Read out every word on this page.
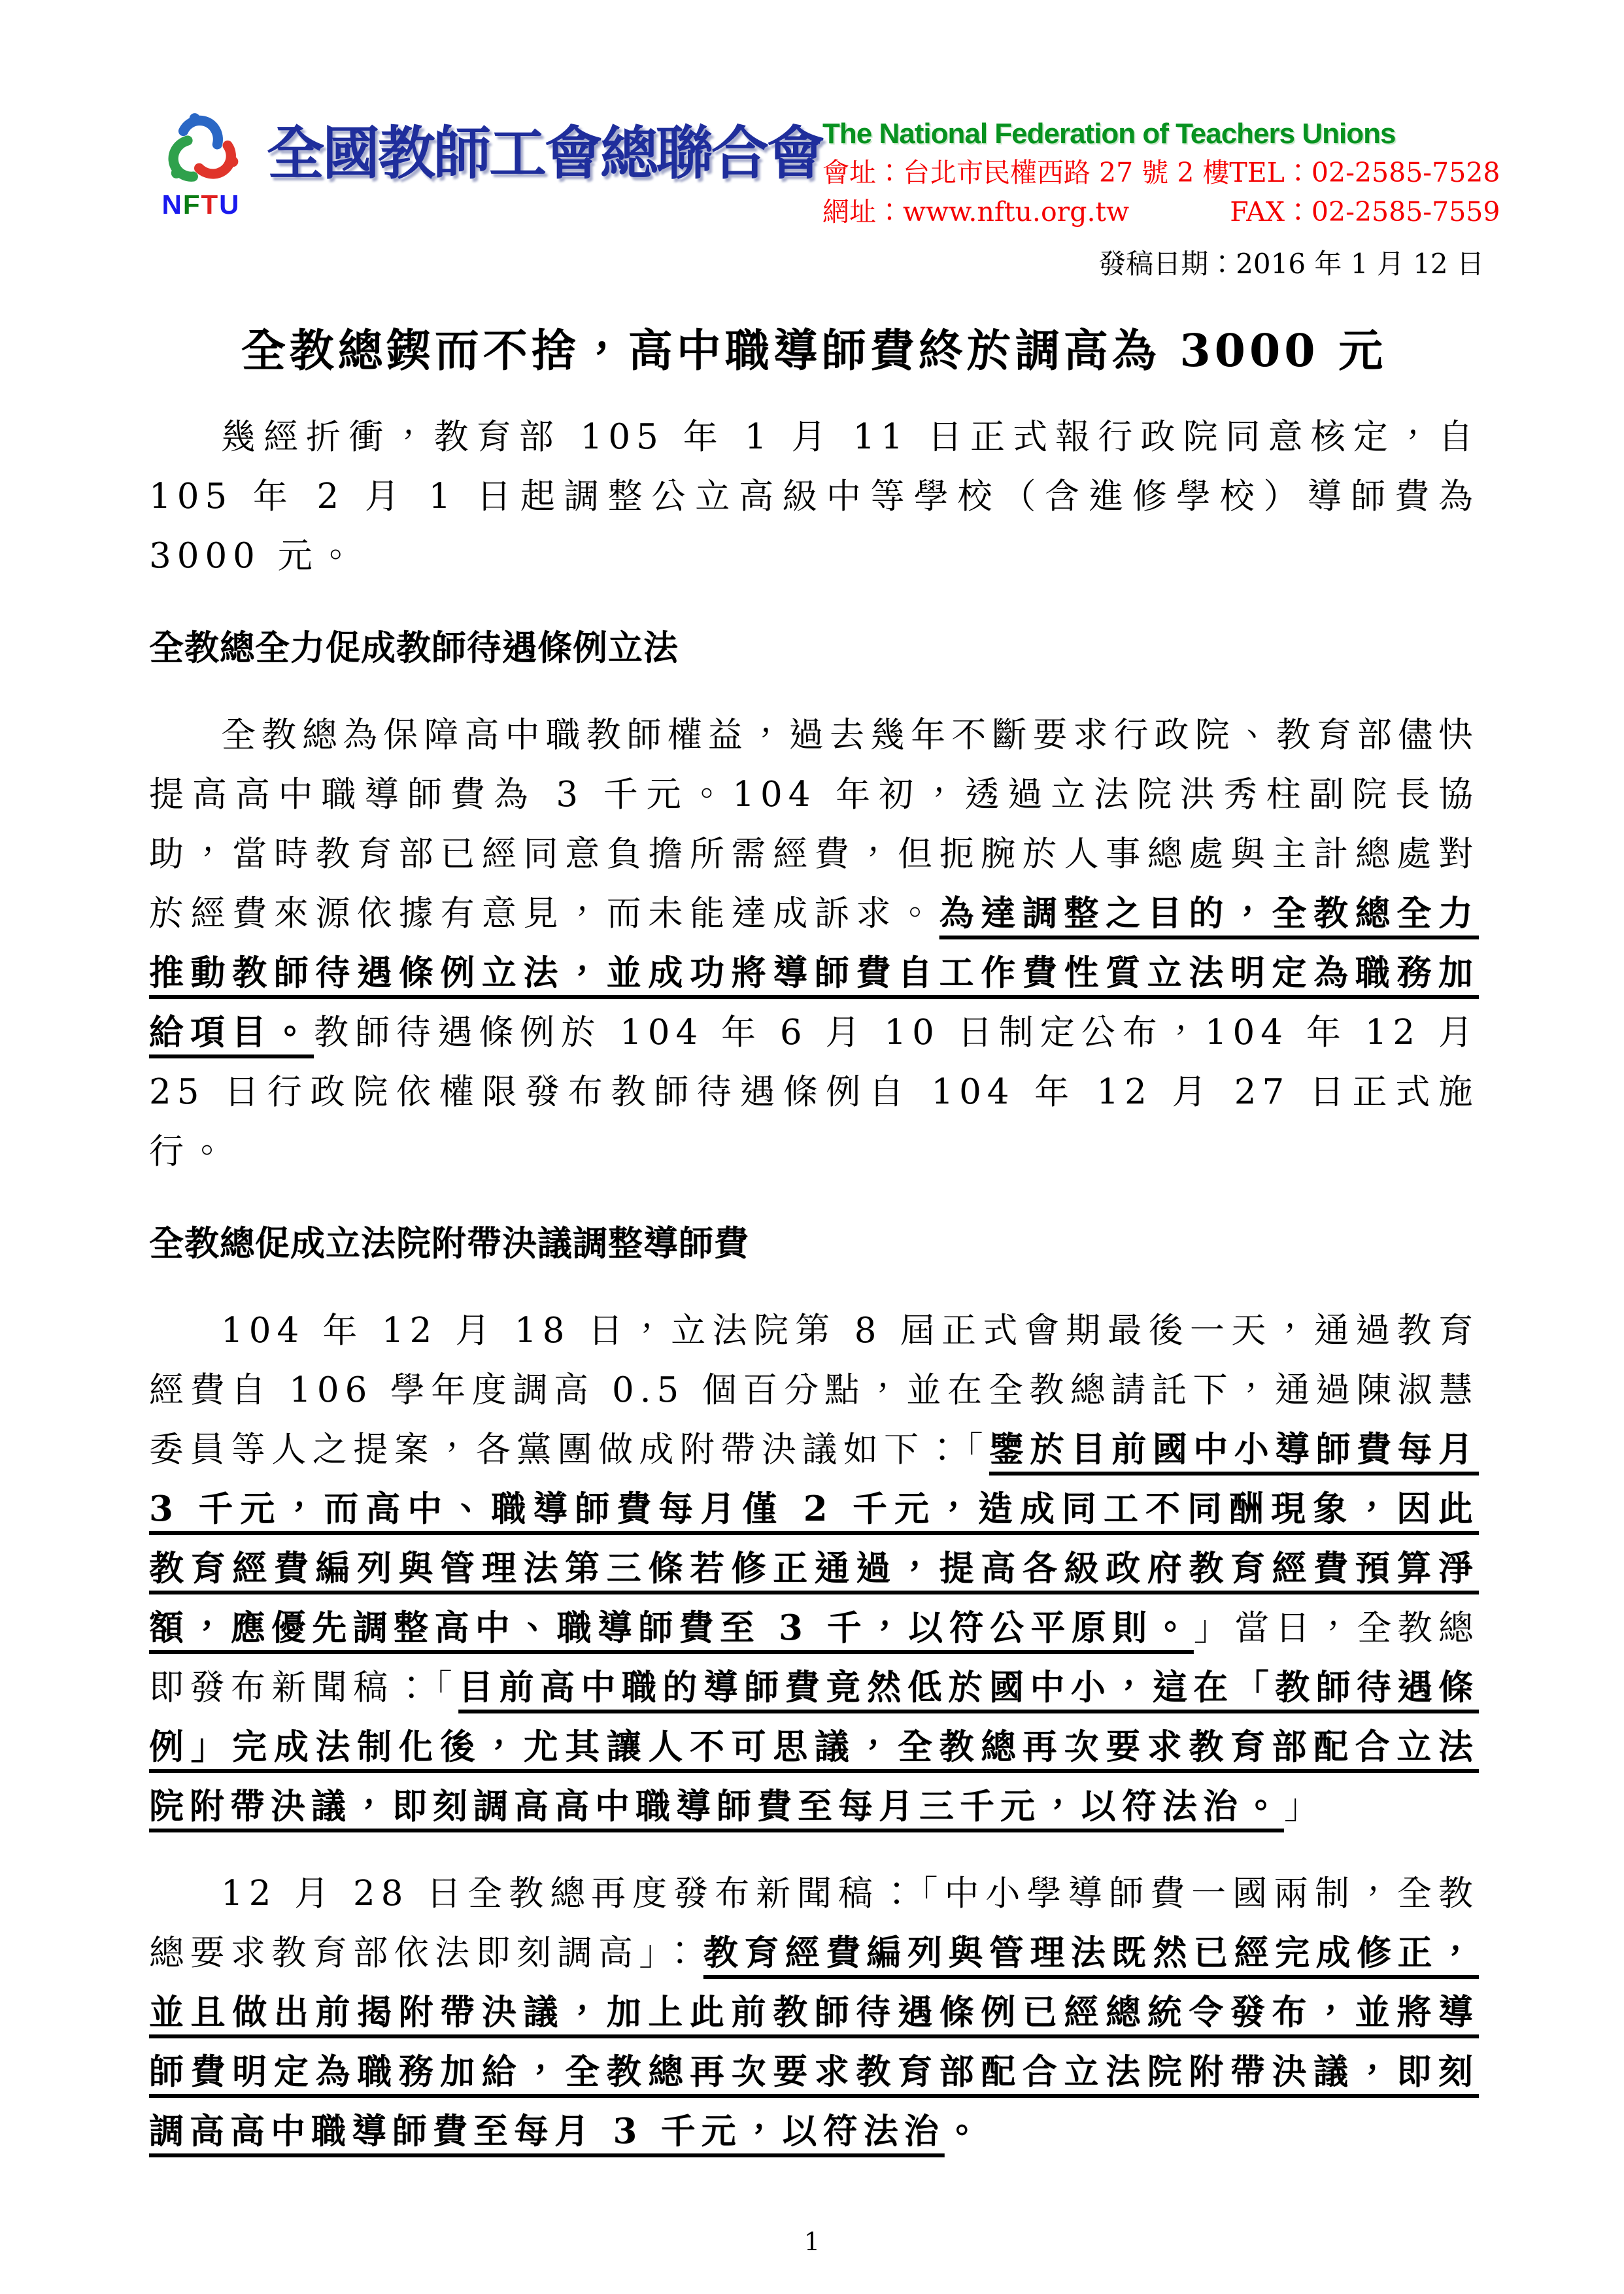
NFTU
全國教師工會總聯合會 The National Federation of Teachers Unions
會址：台北市民權西路 27 號 2 樓 TEL：02-2585-7528
網址：www.nftu.org.tw	FAX：02-2585-7559
發稿日期：2016 年 1 月 12 日
全教總鍥而不捨，高中職導師費終於調高為 3000 元

幾經折衝，教育部 105 年 1 月 11 日正式報行政院同意核定，自 105 年 2 月 1 日起調整公立高級中等學校（含進修學校）導師費為 3000 元。

全教總全力促成教師待遇條例立法

全教總為保障高中職教師權益，過去幾年不斷要求行政院、教育部儘快提高高中職導師費為 3 千元。104 年初，透過立法院洪秀柱副院長協助，當時教育部已經同意負擔所需經費，但扼腕於人事總處與主計總處對於經費來源依據有意見，而未能達成訴求。為達調整之目的，全教總全力推動教師待遇條例立法，並成功將導師費自工作費性質立法明定為職務加給項目。教師待遇條例於 104 年 6 月 10 日制定公布，104 年 12 月 25 日行政院依權限發布教師待遇條例自 104 年 12 月 27 日正式施行。

全教總促成立法院附帶決議調整導師費

104 年 12 月 18 日，立法院第 8 屆正式會期最後一天，通過教育經費自 106 學年度調高 0.5 個百分點，並在全教總請託下，通過陳淑慧委員等人之提案，各黨團做成附帶決議如下：「鑒於目前國中小導師費每月 3 千元，而高中、職導師費每月僅 2 千元，造成同工不同酬現象，因此教育經費編列與管理法第三條若修正通過，提高各級政府教育經費預算淨額，應優先調整高中、職導師費至 3 千，以符公平原則。」當日，全教總即發布新聞稿：「目前高中職的導師費竟然低於國中小，這在「教師待遇條例」完成法制化後，尤其讓人不可思議，全教總再次要求教育部配合立法院附帶決議，即刻調高高中職導師費至每月三千元，以符法治。」

12 月 28 日全教總再度發布新聞稿：「中小學導師費一國兩制，全教總要求教育部依法即刻調高」：教育經費編列與管理法既然已經完成修正，並且做出前揭附帶決議，加上此前教師待遇條例已經總統令發布，並將導師費明定為職務加給，全教總再次要求教育部配合立法院附帶決議，即刻調高高中職導師費至每月 3 千元，以符法治。

1
